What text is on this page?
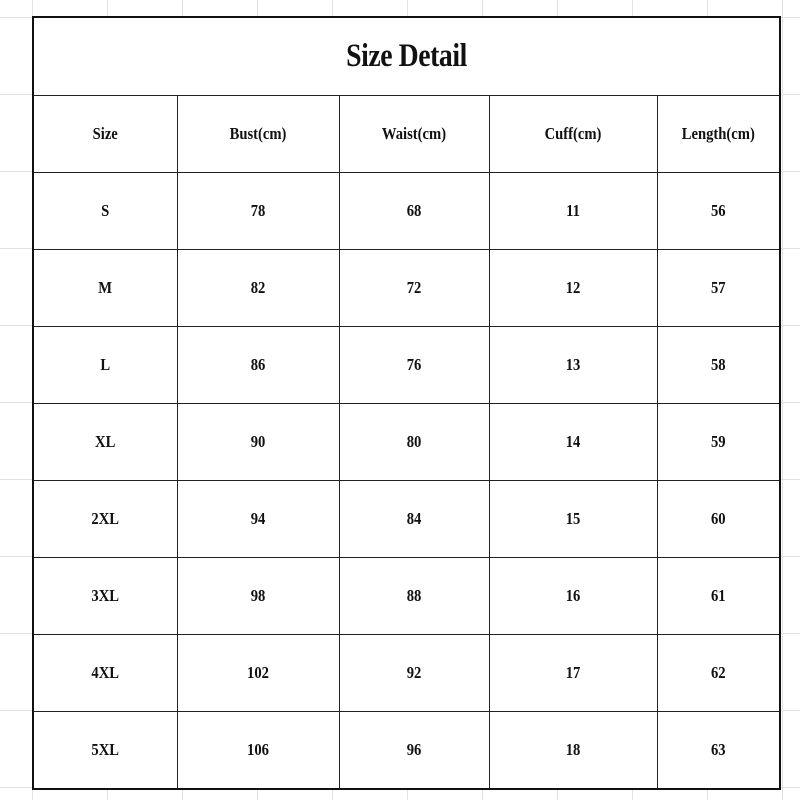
Size Detail				
Size	Bust(cm)	Waist(cm)	Cuff(cm)	Length(cm)
S	78	68	11	56
M	82	72	12	57
L	86	76	13	58
XL	90	80	14	59
2XL	94	84	15	60
3XL	98	88	16	61
4XL	102	92	17	62
5XL	106	96	18	63
